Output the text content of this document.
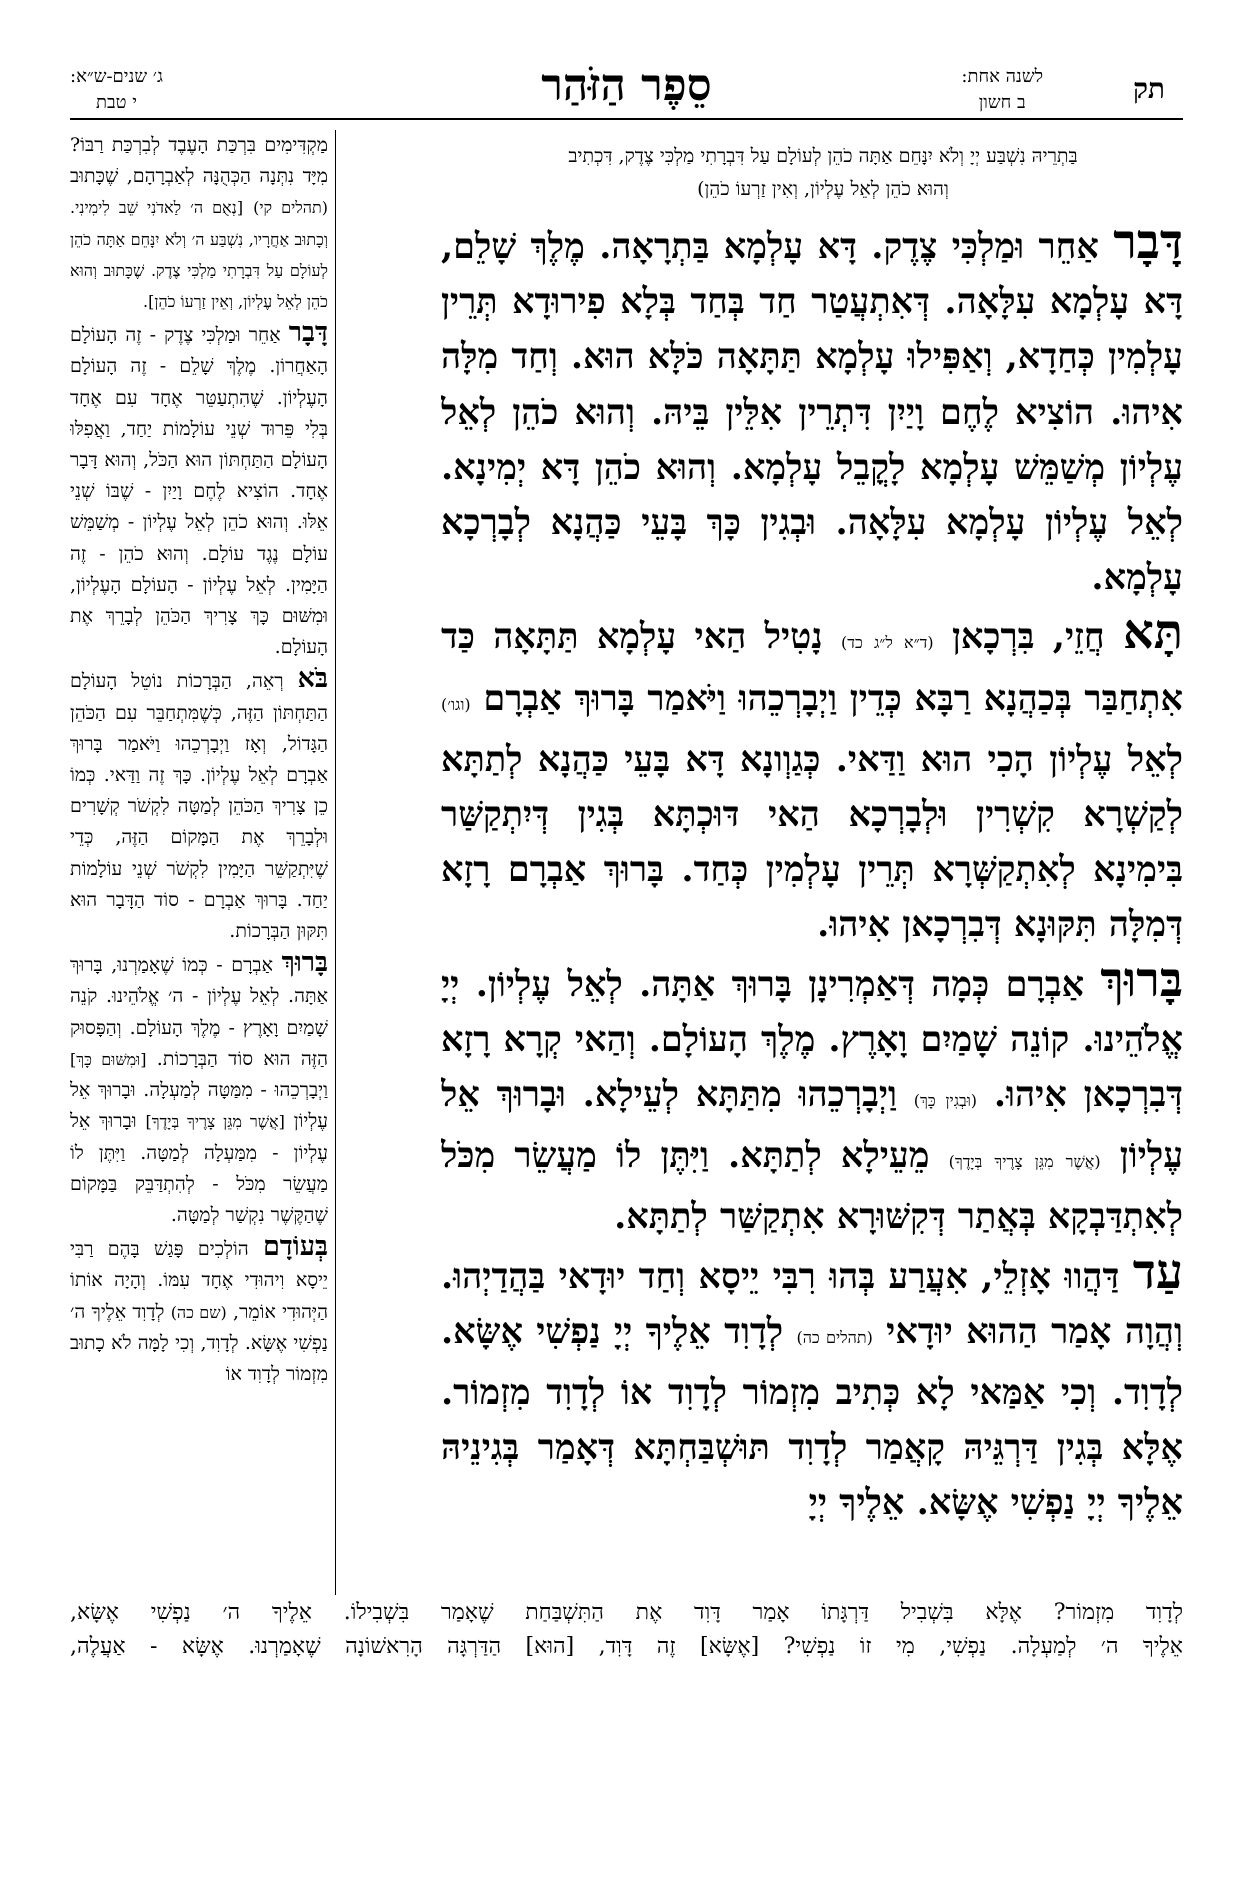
תק
לשנה אחת:
ב חשון
סֵפֶר הַזֹּהַר
ג׳ שנים-ש״א:
י טבת
בַּתְרֵיהּ נִשְׁבַּע יְיָ וְלֹא יִנָּחֵם אַתָּה כֹהֵן לְעוֹלָם עַל דִּבְרָתִי מַלְכִּי צֶדֶק, דִּכְתִיב
וְהוּא כֹהֵן לְאֵל עֶלְיוֹן, וְאִין זַרְעוֹ כֹהֵן)

דָּבָר אַחֵר וּמַלְכִּי צֶדֶק. דָּא עָלְמָא בַּתְרָאָה. מֶלֶךְ שָׁלֵם, דָּא עָלְמָא עִלָּאָה. דְּאִתְעֲטַר חַד בְּחַד בְּלָא פִירוּדָא תְּרֵין עָלְמִין כְּחַדָא, וְאַפִּילוּ עָלְמָא תַּתָּאָה כֹּלָּא הוּא. וְחַד מִלָּה אִיהוּ. הוֹצִיא לֶחֶם וָיַיִן דִּתְרֵין אִלֵּין בֵּיהּ. וְהוּא כֹהֵן לְאֵל עֶלְיוֹן מְשַׁמֵּשׁ עָלְמָא לָקֳבֵל עָלְמָא. וְהוּא כֹהֵן דָּא יְמִינָא. לְאֵל עֶלְיוֹן עָלְמָא עִלָּאָה. וּבְגִין כָּךְ בָּעֵי כַּהֲנָא לְבָרְכָא עָלְמָא.

תָּא חֲזֵי, בִּרְכָאן (ד״א ל״ג כד) נָטִיל הַאי עָלְמָא תַּתָּאָה כַּד אִתְחַבַּר בְּכַהֲנָא רַבָּא כְּדֵין וַיְבָרְכֵהוּ וַיֹּאמַר בָּרוּךְ אַבְרָם (וגו׳) לְאֵל עֶלְיוֹן הָכִי הוּא וַדַּאי. כְּגַוְונָא דָּא בָּעֵי כַּהֲנָא לְתַתָּא לְקַשְׁרָא קִשְׁרִין וּלְבָרְכָא הַאי דּוּכְתָּא בְּגִין דְּיִתְקַשַּׁר בִּימִינָא לְאִתְקַשְּׁרָא תְּרֵין עָלְמִין כְּחַד. בָּרוּךְ אַבְרָם רָזָא דְּמִלָּה תִּקּוּנָא דְּבִרְכָאן אִיהוּ.

בָּרוּךְ אַבְרָם כְּמָה דְּאַמְרִינָן בָּרוּךְ אַתָּה. לְאֵל עֶלְיוֹן. יְיָ אֱלֹהֵינוּ. קוֹנֵה שָׁמַיִם וָאָרֶץ. מֶלֶךְ הָעוֹלָם. וְהַאי קְרָא רָזָא דְּבִרְכָאן אִיהוּ. (וּבְגִין כָּךְ) וַיְבָרְכֵהוּ מִתַּתָּא לְעֵילָא. וּבָרוּךְ אֵל עֶלְיוֹן (אֲשֶׁר מִגֵּן צָרֶיךָ בְּיָדֶךָ) מֵעֵילָא לְתַתָּא. וַיִּתֶּן לוֹ מַעֲשֵׂר מִכֹּל לְאִתְדַּבְקָא בְּאֲתַר דְּקִשּׁוּרָא אִתְקַשַּׁר לְתַתָּא.

עַד דַּהֲווּ אָזְלֵי, אִעֲרַע בְּהוּ רִבִּי יֵיסָא וְחַד יוּדָאי בַּהֲדַיְהוּ. וְהֲוָה אָמַר הַהוּא יוּדָאי (תהלים כה) לְדָוִד אֵלֶיךָ יְיָ נַפְשִׁי אֶשָּׂא. לְדָוִד. וְכִי אַמַּאי לָא כְּתִיב מִזְמוֹר לְדָוִד אוֹ לְדָוִד מִזְמוֹר. אֶלָּא בְּגִין דַּרְגֵּיהּ קָאֲמַר לְדָוִד תּוּשְׁבַּחְתָּא דְּאָמַר בְּגִינֵיהּ אֵלֶיךָ יְיָ נַפְשִׁי אֶשָּׂא. אֵלֶיךָ יְיָ

מַקְדִּימִים בִּרְכַּת הָעֶבֶד לְבִרְכַּת רַבּוֹ? מִיָּד נִתְּנָה הַכְּהֻנָּה לְאַבְרָהָם, שֶׁכָּתוּב (תהלים קי) [נְאֻם ה׳ לַאדֹנִי שֵׁב לִימִינִי. וְכָתוּב אַחֲרָיו, נִשְׁבַּע ה׳ וְלֹא יִנָּחֵם אַתָּה כֹהֵן לְעוֹלָם עַל דִּבְרָתִי מַלְכִּי צֶדֶק. שֶׁכָּתוּב וְהוּא כֹהֵן לְאֵל עֶלְיוֹן, וְאֵין זַרְעוֹ כֹהֵן].

דָּבָר אַחֵר וּמַלְכִּי צֶדֶק - זֶה הָעוֹלָם הָאַחֲרוֹן. מֶלֶךְ שָׁלֵם - זֶה הָעוֹלָם הָעֶלְיוֹן. שֶׁהִתְעַטֵּר אֶחָד עִם אֶחָד בְּלִי פֵּרוּד שְׁנֵי עוֹלָמוֹת יַחַד, וַאֲפִלּוּ הָעוֹלָם הַתַּחְתּוֹן הוּא הַכֹּל, וְהוּא דָּבָר אֶחָד. הוֹצִיא לֶחֶם וָיַיִן - שֶׁבּוֹ שְׁנֵי אֵלּוּ. וְהוּא כֹהֵן לְאֵל עֶלְיוֹן - מְשַׁמֵּשׁ עוֹלָם נֶגֶד עוֹלָם. וְהוּא כֹהֵן - זֶה הַיָּמִין. לְאֵל עֶלְיוֹן - הָעוֹלָם הָעֶלְיוֹן, וּמִשּׁוּם כָּךְ צָרִיךְ הַכֹּהֵן לְבָרֵךְ אֶת הָעוֹלָם.

בֹּא רְאֵה, הַבְּרָכוֹת נוֹטֵל הָעוֹלָם הַתַּחְתּוֹן הַזֶּה, כְּשֶׁמִּתְחַבֵּר עִם הַכֹּהֵן הַגָּדוֹל, וְאָז וַיְבָרְכֵהוּ וַיֹּאמַר בָּרוּךְ אַבְרָם לְאֵל עֶלְיוֹן. כָּךְ זֶה וַדַּאי. כְּמוֹ כֵן צָרִיךְ הַכֹּהֵן לְמַטָּה לִקְשֹׁר קְשָׁרִים וּלְבָרֵךְ אֶת הַמָּקוֹם הַזֶּה, כְּדֵי שֶׁיִּתְקַשֵּׁר הַיָּמִין לִקְשֹׁר שְׁנֵי עוֹלָמוֹת יַחַד. בָּרוּךְ אַבְרָם - סוֹד הַדָּבָר הוּא תִּקּוּן הַבְּרָכוֹת.

בָּרוּךְ אַבְרָם - כְּמוֹ שֶׁאָמַרְנוּ, בָּרוּךְ אַתָּה. לְאֵל עֶלְיוֹן - ה׳ אֱלֹהֵינוּ. קֹנֵה שָׁמַיִם וָאָרֶץ - מֶלֶךְ הָעוֹלָם. וְהַפָּסוּק הַזֶּה הוּא סוֹד הַבְּרָכוֹת. [וּמִשּׁוּם כָּךְ] וַיְבָרְכֵהוּ - מִמַּטָּה לְמַעְלָה. וּבָרוּךְ אֵל עֶלְיוֹן [אֲשֶׁר מִגֵּן צָרֶיךָ בְּיָדֶךָ] וּבָרוּךְ אֵל עֶלְיוֹן - מִמַּעְלָה לְמַטָּה. וַיִּתֶּן לוֹ מַעֲשֵׂר מִכֹּל - לְהִתְדַּבֵּק בַּמָּקוֹם שֶׁהַקֶּשֶׁר נִקְשַׁר לְמַטָּה.

בְּעוֹדָם הוֹלְכִים פָּגַשׁ בָּהֶם רַבִּי יֵיסָא וִיהוּדִי אֶחָד עִמּוֹ. וְהָיָה אוֹתוֹ הַיְּהוּדִי אוֹמֵר, (שם כה) לְדָוִד אֵלֶיךָ ה׳ נַפְשִׁי אֶשָּׂא. לְדָוִד, וְכִי לָמָּה לֹא כָתוּב מִזְמוֹר לְדָוִד אוֹ

לְדָוִד מִזְמוֹר? אֶלָּא בִּשְׁבִיל דַּרְגָּתוֹ אָמַר דָּוִד אֶת הַתִּשְׁבַּחַת שֶׁאָמַר בִּשְׁבִילוֹ. אֵלֶיךָ ה׳ נַפְשִׁי אֶשָּׂא,

אֵלֶיךָ ה׳ לְמַעְלָה. נַפְשִׁי, מִי זוֹ נַפְשִׁי? [אֶשָּׂא] זֶה דָּוִד, [הוּא] הַדַּרְגָּה הָרִאשׁוֹנָה שֶׁאָמַרְנוּ. אֶשָּׂא - אַעֲלֶה,
